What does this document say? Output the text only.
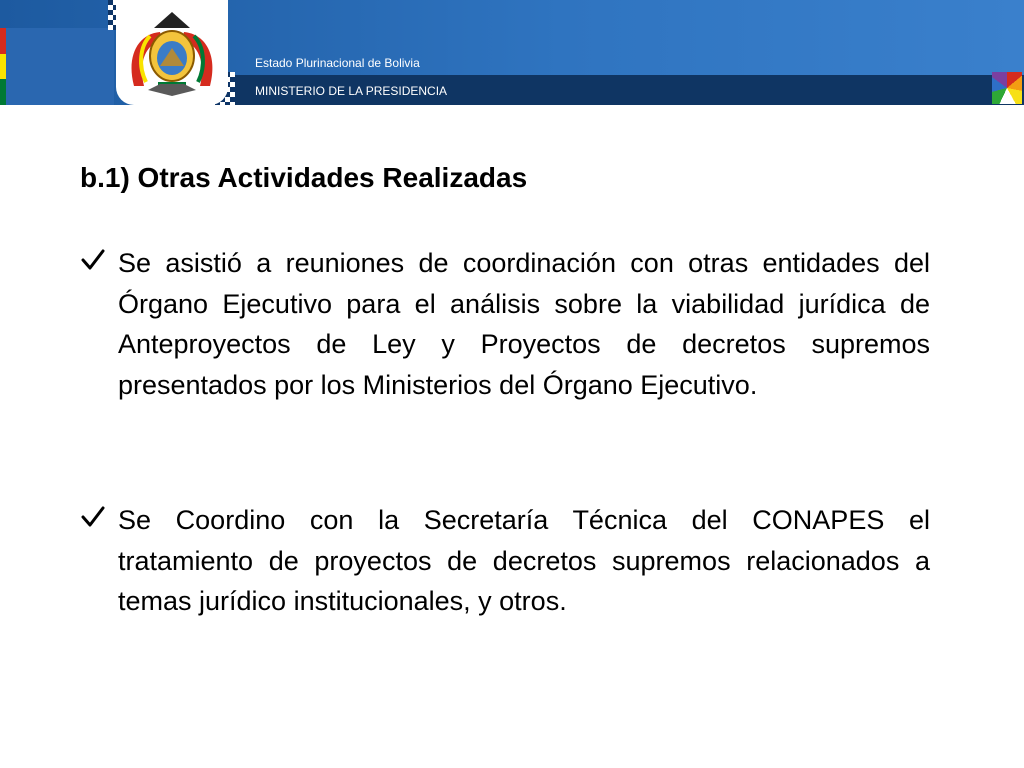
Estado Plurinacional de Bolivia
MINISTERIO DE LA PRESIDENCIA
b.1) Otras Actividades Realizadas

Se asistió a reuniones de coordinación con otras entidades del Órgano Ejecutivo para el análisis sobre la viabilidad jurídica de Anteproyectos de Ley y Proyectos de decretos supremos presentados por los Ministerios del Órgano Ejecutivo.

Se Coordino con la Secretaría Técnica del CONAPES el tratamiento de proyectos de decretos supremos relacionados a temas jurídico institucionales, y otros.
